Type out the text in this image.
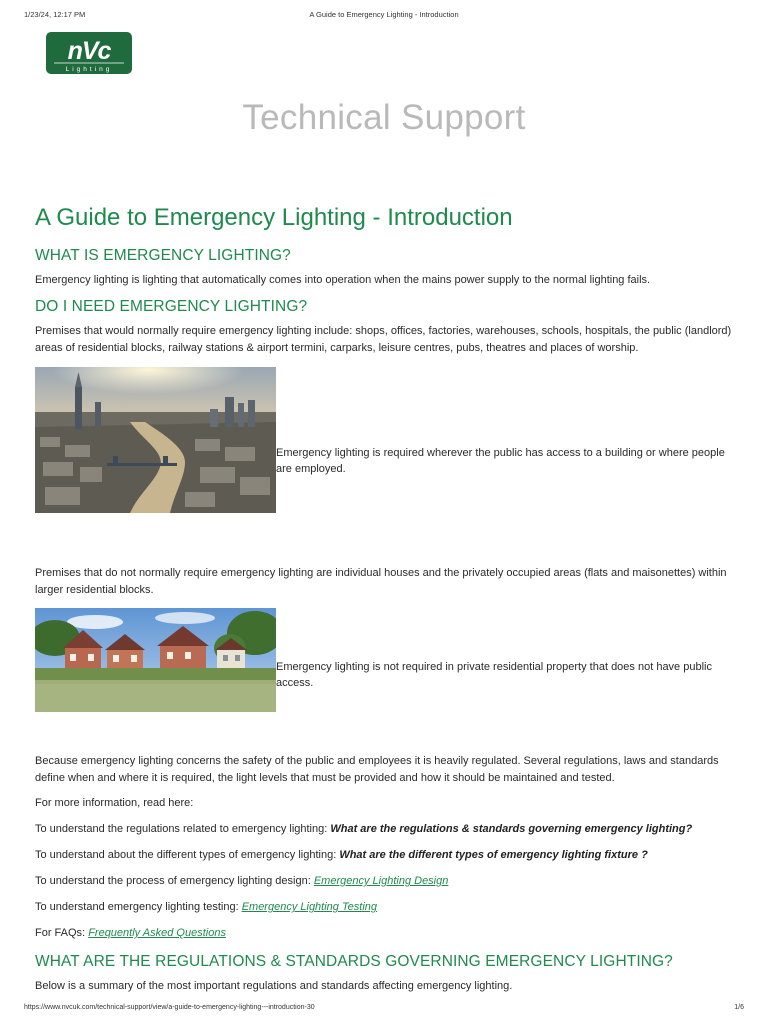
1/23/24, 12:17 PM	A Guide to Emergency Lighting - Introduction
nVc
Lighting
Technical Support
A Guide to Emergency Lighting - Introduction
WHAT IS EMERGENCY LIGHTING?

Emergency lighting is lighting that automatically comes into operation when the mains power supply to the normal lighting fails.

DO I NEED EMERGENCY LIGHTING?

Premises that would normally require emergency lighting include: shops, offices, factories, warehouses, schools, hospitals, the public (landlord) areas of residential blocks, railway stations & airport termini, carparks, leisure centres, pubs, theatres and places of worship.

Emergency lighting is required wherever the public has access to a building or where people are employed.

Premises that do not normally require emergency lighting are individual houses and the privately occupied areas (flats and maisonettes) within larger residential blocks.

Emergency lighting is not required in private residential property that does not have public access.

Because emergency lighting concerns the safety of the public and employees it is heavily regulated. Several regulations, laws and standards define when and where it is required, the light levels that must be provided and how it should be maintained and tested.

For more information, read here:

To understand the regulations related to emergency lighting: What are the regulations & standards governing emergency lighting?
To understand about the different types of emergency lighting: What are the different types of emergency lighting fixture ?
To understand the process of emergency lighting design: Emergency Lighting Design
To understand emergency lighting testing: Emergency Lighting Testing
For FAQs: Frequently Asked Questions
WHAT ARE THE REGULATIONS & STANDARDS GOVERNING EMERGENCY LIGHTING?

Below is a summary of the most important regulations and standards affecting emergency lighting.

https://www.nvcuk.com/technical-support/view/a-guide-to-emergency-lighting---introduction-30	1/6
